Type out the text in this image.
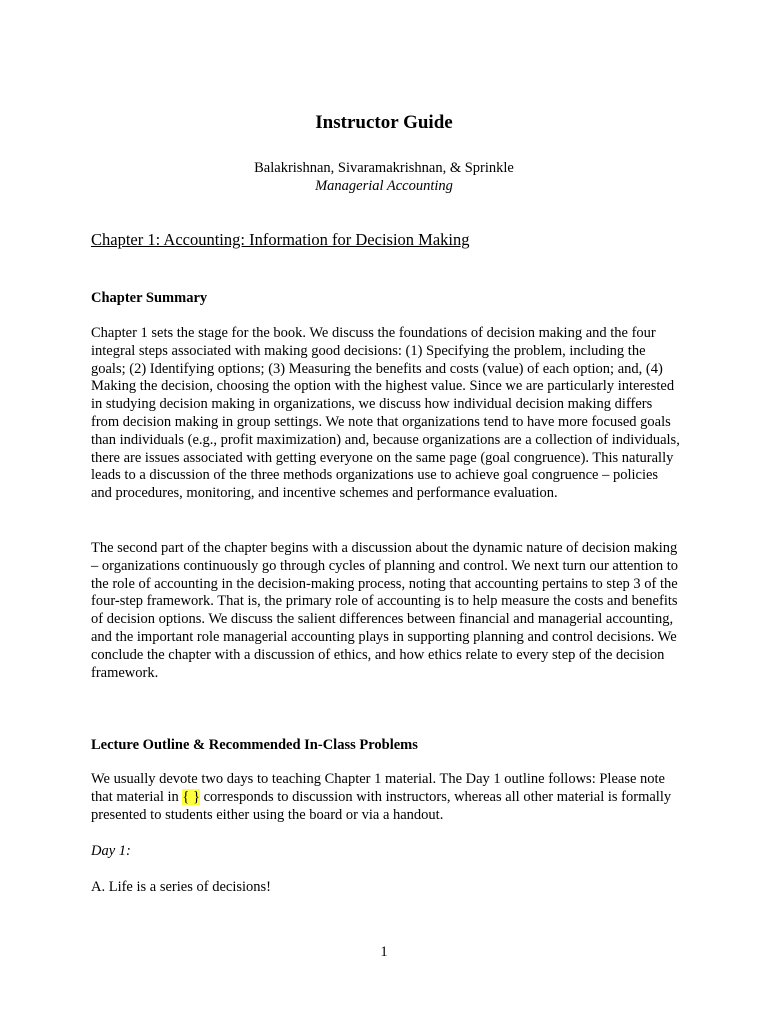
Instructor Guide
Balakrishnan, Sivaramakrishnan, & Sprinkle
Managerial Accounting
Chapter 1: Accounting: Information for Decision Making
Chapter Summary

Chapter 1 sets the stage for the book. We discuss the foundations of decision making and the four integral steps associated with making good decisions: (1) Specifying the problem, including the goals; (2) Identifying options; (3) Measuring the benefits and costs (value) of each option; and, (4) Making the decision, choosing the option with the highest value. Since we are particularly interested in studying decision making in organizations, we discuss how individual decision making differs from decision making in group settings. We note that organizations tend to have more focused goals than individuals (e.g., profit maximization) and, because organizations are a collection of individuals, there are issues associated with getting everyone on the same page (goal congruence). This naturally leads to a discussion of the three methods organizations use to achieve goal congruence – policies and procedures, monitoring, and incentive schemes and performance evaluation.

The second part of the chapter begins with a discussion about the dynamic nature of decision making – organizations continuously go through cycles of planning and control. We next turn our attention to the role of accounting in the decision-making process, noting that accounting pertains to step 3 of the four-step framework. That is, the primary role of accounting is to help measure the costs and benefits of decision options. We discuss the salient differences between financial and managerial accounting, and the important role managerial accounting plays in supporting planning and control decisions. We conclude the chapter with a discussion of ethics, and how ethics relate to every step of the decision framework.

Lecture Outline & Recommended In-Class Problems

We usually devote two days to teaching Chapter 1 material. The Day 1 outline follows: Please note that material in { } corresponds to discussion with instructors, whereas all other material is formally presented to students either using the board or via a handout.

Day 1:

A. Life is a series of decisions!

1
